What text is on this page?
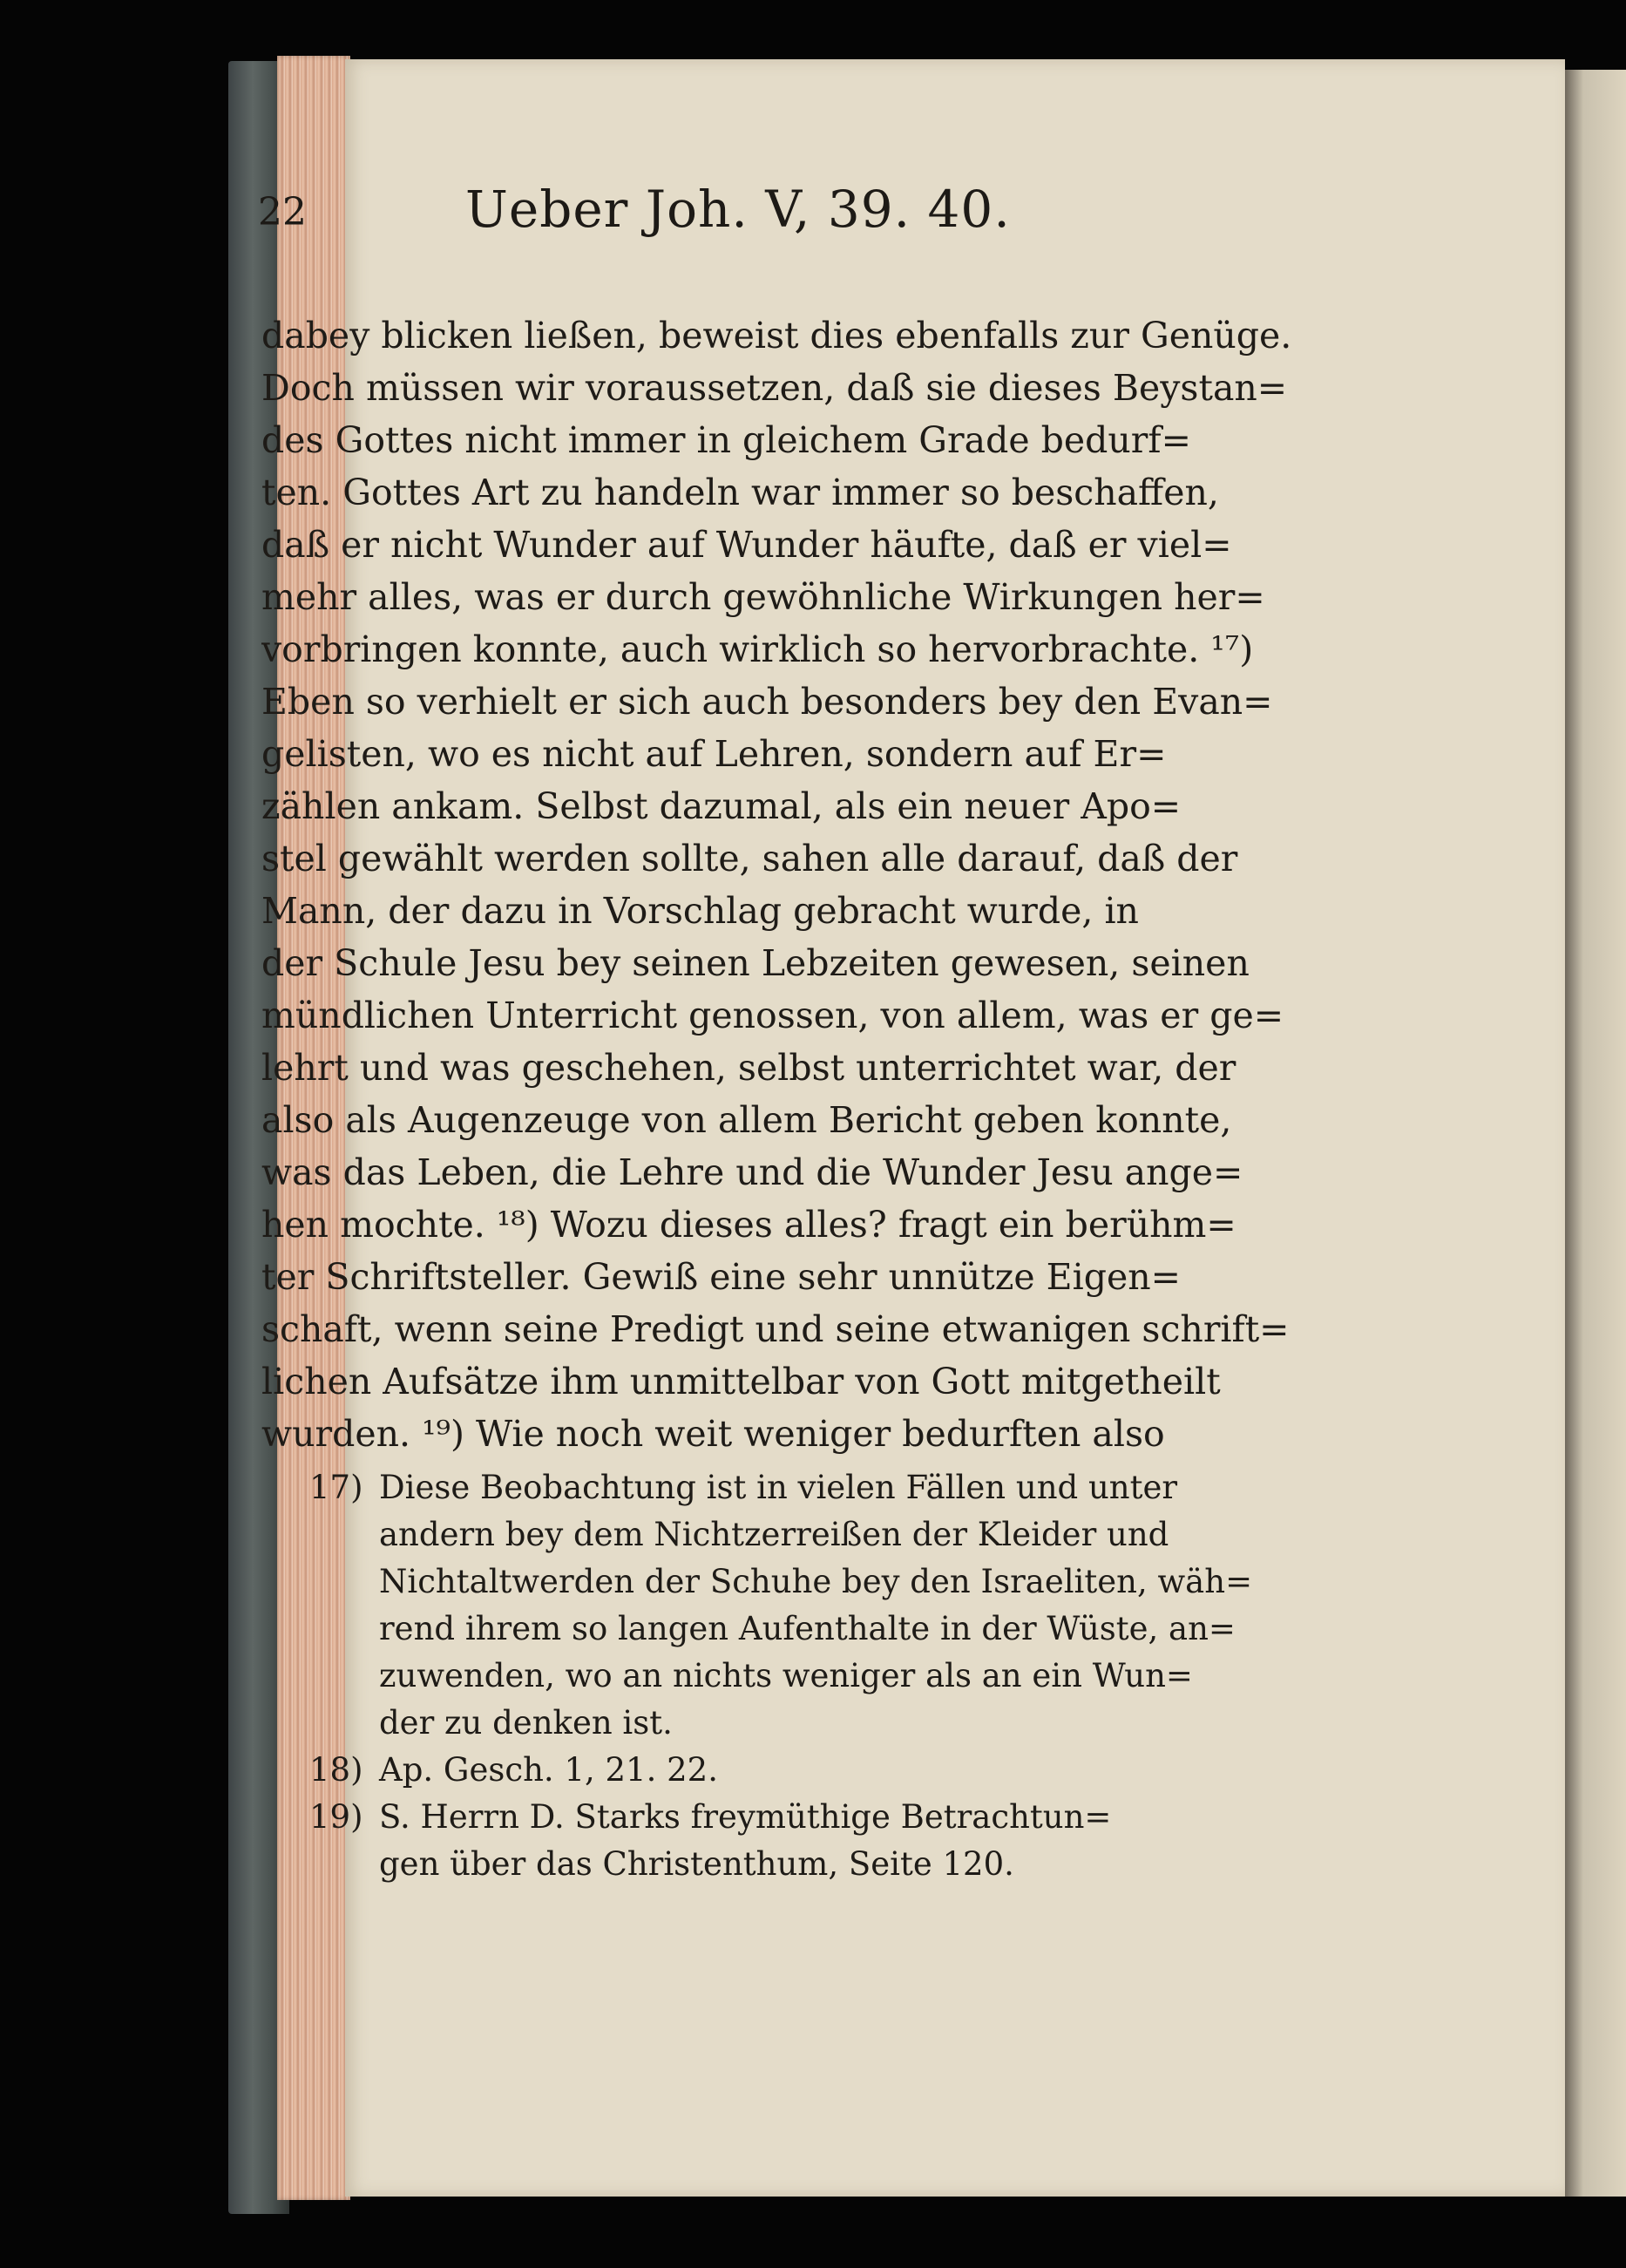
22	Ueber Joh. V, 39. 40.
dabey blicken ließen, beweist dies ebenfalls zur Genüge.
Doch müssen wir voraussetzen, daß sie dieses Beystan=
des Gottes nicht immer in gleichem Grade bedurf=
ten. Gottes Art zu handeln war immer so beschaffen,
daß er nicht Wunder auf Wunder häufte, daß er viel=
mehr alles, was er durch gewöhnliche Wirkungen her=
vorbringen konnte, auch wirklich so hervorbrachte. ¹⁷)
Eben so verhielt er sich auch besonders bey den Evan=
gelisten, wo es nicht auf Lehren, sondern auf Er=
zählen ankam. Selbst dazumal, als ein neuer Apo=
stel gewählt werden sollte, sahen alle darauf, daß der
Mann, der dazu in Vorschlag gebracht wurde, in
der Schule Jesu bey seinen Lebzeiten gewesen, seinen
mündlichen Unterricht genossen, von allem, was er ge=
lehrt und was geschehen, selbst unterrichtet war, der
also als Augenzeuge von allem Bericht geben konnte,
was das Leben, die Lehre und die Wunder Jesu ange=
hen mochte. ¹⁸) Wozu dieses alles? fragt ein berühm=
ter Schriftsteller. Gewiß eine sehr unnütze Eigen=
schaft, wenn seine Predigt und seine etwanigen schrift=
lichen Aufsätze ihm unmittelbar von Gott mitgetheilt
wurden. ¹⁹) Wie noch weit weniger bedurften also
17) Diese Beobachtung ist in vielen Fällen und unter
andern bey dem Nichtzerreißen der Kleider und
Nichtaltwerden der Schuhe bey den Israeliten, wäh=
rend ihrem so langen Aufenthalte in der Wüste, an=
zuwenden, wo an nichts weniger als an ein Wun=
der zu denken ist.
18) Ap. Gesch. 1, 21. 22.
19) S. Herrn D. Starks freymüthige Betrachtun=
gen über das Christenthum, Seite 120.
